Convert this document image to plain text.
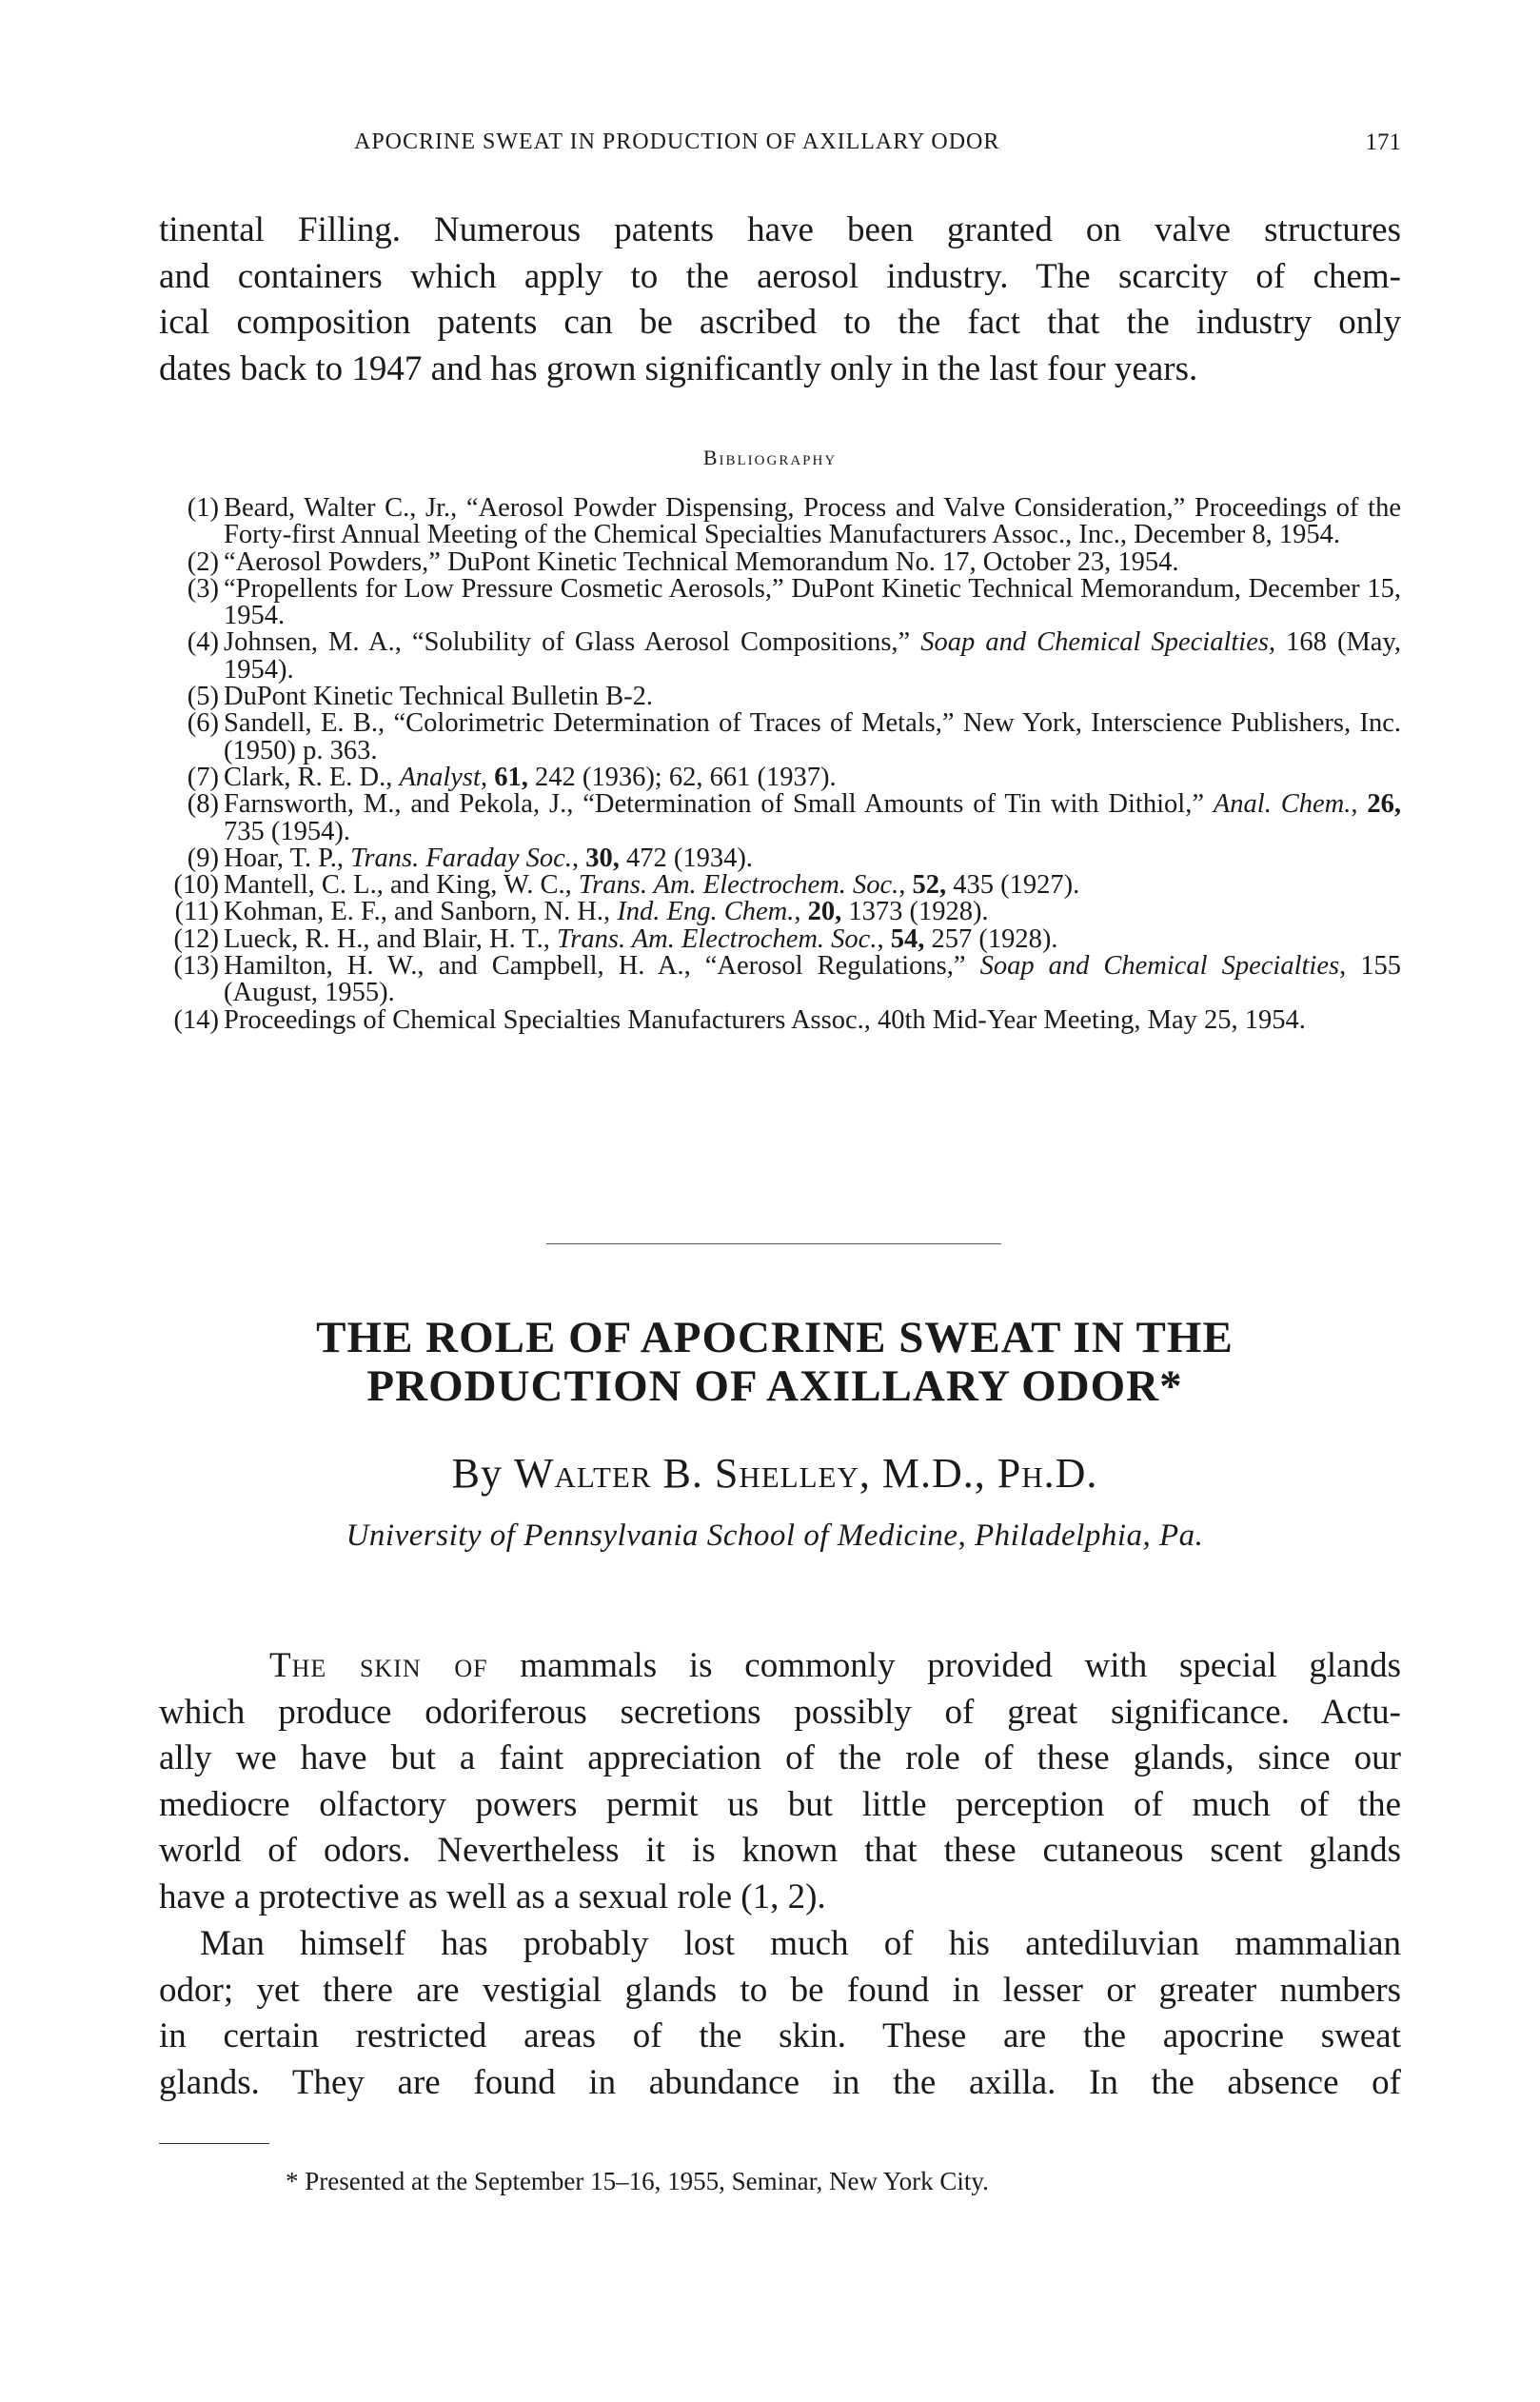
APOCRINE SWEAT IN PRODUCTION OF AXILLARY ODOR	171
tinental Filling. Numerous patents have been granted on valve structures
and containers which apply to the aerosol industry. The scarcity of chem-
ical composition patents can be ascribed to the fact that the industry only
dates back to 1947 and has grown significantly only in the last four years.
Bibliography
(1) Beard, Walter C., Jr., “Aerosol Powder Dispensing, Process and Valve Consideration,” Proceedings of the Forty-first Annual Meeting of the Chemical Specialties Manufacturers Assoc., Inc., December 8, 1954.
(2) “Aerosol Powders,” DuPont Kinetic Technical Memorandum No. 17, October 23, 1954.
(3) “Propellents for Low Pressure Cosmetic Aerosols,” DuPont Kinetic Technical Memorandum, December 15, 1954.
(4) Johnsen, M. A., “Solubility of Glass Aerosol Compositions,” Soap and Chemical Specialties, 168 (May, 1954).
(5) DuPont Kinetic Technical Bulletin B-2.
(6) Sandell, E. B., “Colorimetric Determination of Traces of Metals,” New York, Interscience Publishers, Inc. (1950) p. 363.
(7) Clark, R. E. D., Analyst, 61, 242 (1936); 62, 661 (1937).
(8) Farnsworth, M., and Pekola, J., “Determination of Small Amounts of Tin with Dithiol,” Anal. Chem., 26, 735 (1954).
(9) Hoar, T. P., Trans. Faraday Soc., 30, 472 (1934).
(10) Mantell, C. L., and King, W. C., Trans. Am. Electrochem. Soc., 52, 435 (1927).
(11) Kohman, E. F., and Sanborn, N. H., Ind. Eng. Chem., 20, 1373 (1928).
(12) Lueck, R. H., and Blair, H. T., Trans. Am. Electrochem. Soc., 54, 257 (1928).
(13) Hamilton, H. W., and Campbell, H. A., “Aerosol Regulations,” Soap and Chemical Specialties, 155 (August, 1955).
(14) Proceedings of Chemical Specialties Manufacturers Assoc., 40th Mid-Year Meeting, May 25, 1954.
THE ROLE OF APOCRINE SWEAT IN THE
PRODUCTION OF AXILLARY ODOR*
By Walter B. Shelley, M.D., Ph.D.
University of Pennsylvania School of Medicine, Philadelphia, Pa.
The skin of mammals is commonly provided with special glands
which produce odoriferous secretions possibly of great significance. Actu-
ally we have but a faint appreciation of the role of these glands, since our
mediocre olfactory powers permit us but little perception of much of the
world of odors. Nevertheless it is known that these cutaneous scent glands
have a protective as well as a sexual role (1, 2).
Man himself has probably lost much of his antediluvian mammalian
odor; yet there are vestigial glands to be found in lesser or greater numbers
in certain restricted areas of the skin. These are the apocrine sweat
glands. They are found in abundance in the axilla. In the absence of
* Presented at the September 15–16, 1955, Seminar, New York City.
